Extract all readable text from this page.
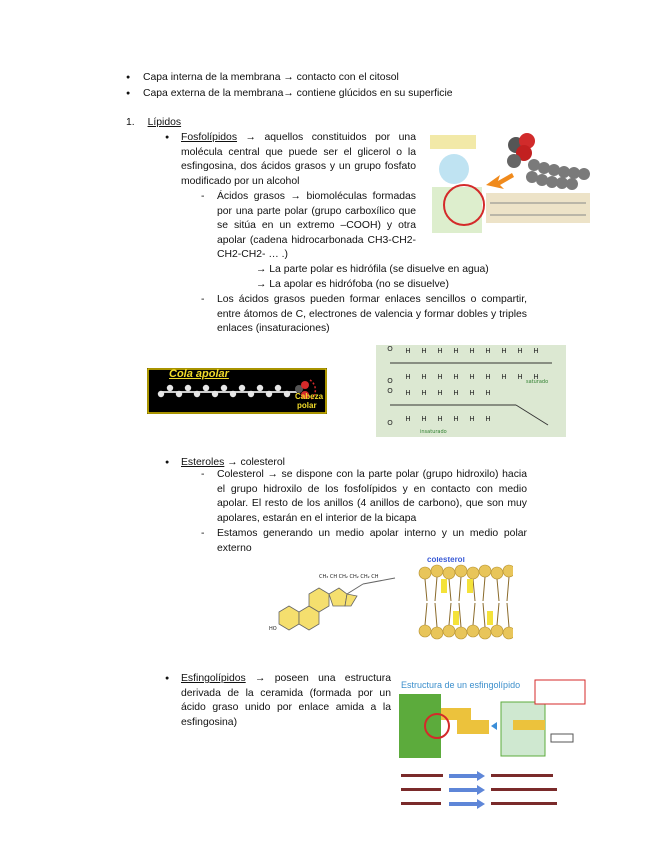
● Capa interna de la membrana → contacto con el citosol
● Capa externa de la membrana→ contiene glúcidos en su superficie
1. Lípidos
● Fosfolípidos → aquellos constituidos por una molécula central que puede ser el glicerol o la esfingosina, dos ácidos grasos y un grupo fosfato modificado por un alcohol
- Ácidos grasos → biomoléculas formadas por una parte polar (grupo carboxílico que se sitúa en un extremo –COOH) y otra apolar (cadena hidrocarbonada CH3-CH2-CH2-CH2- … .)
→ La parte polar es hidrófila (se disuelve en agua)
→ La apolar es hidrófoba (no se disuelve)
- Los ácidos grasos pueden formar enlaces sencillos o compartir, entre átomos de C, electrones de valencia y formar dobles y triples enlaces (insaturaciones)
Cola apolar
Cabeza
polar
O
O
O
O
H H H H H H H H H
H H H H H H H H H
H H H H H H
H H H H H H
saturado
insaturado
● Esteroles → colesterol
- Colesterol → se dispone con la parte polar (grupo hidroxilo) hacia el grupo hidroxilo de los fosfolípidos y en contacto con medio apolar. El resto de los anillos (4 anillos de carbono), que son muy apolares, estarán en el interior de la bicapa
- Estamos generando un medio apolar interno y un medio polar externo
CH₃ CH CH₂ CH₂ CH₂ CH
HO
colesterol
● Esfingolípidos → poseen una estructura derivada de la ceramida (formada por un ácido graso unido por enlace amida a la esfingosina)
Estructura de un esfingolípido
